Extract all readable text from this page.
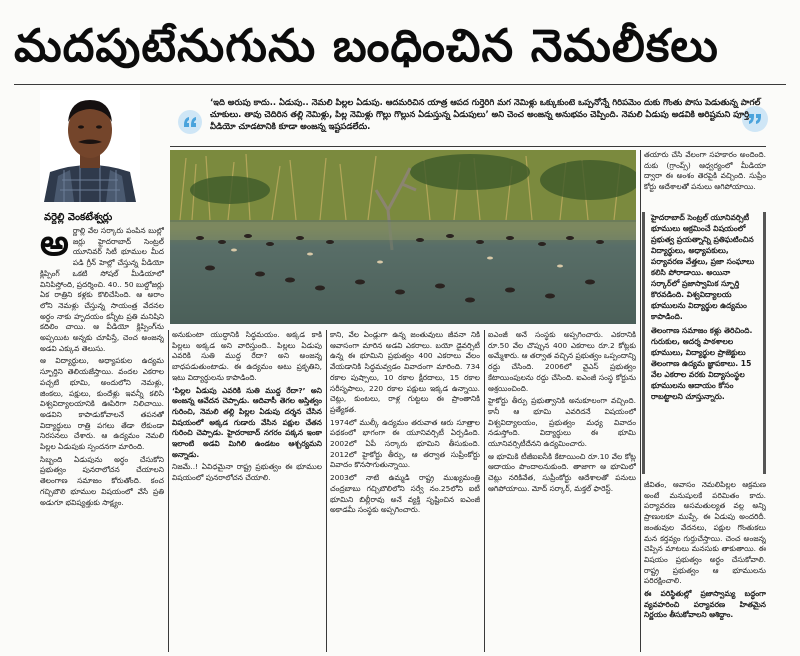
మదపుటేనుగును బంధించిన నెమలీకలు
వర్దెల్లి వెంకటేశ్వర్లు
‘ఇది అరుపు కాదు.. ఏడుపు.. నెమలి పిల్లల ఏడుపు. ఆదమరిచిన యాత్ర ఆపద గుర్తెరిగి మగ నెమిళ్లు ఒక్కుకుంటె ఒప్పనోన్నే గిరిపమెం దుకు గొంతు పొసు పెడుతున్న పాగల్ చూకులు. తావు చెదిరిన తల్లి నెమిళ్లు, పిల్ల నెమిళ్లు గొల్లు గొల్లున ఏడుస్తున్న ఏడుపులు’ అని చెంచ అంజన్న అనుభవం చెప్పింది. నెమలి ఏడుపు అడవికి అరిష్టమని పూర్తి వీడియో చూడటానికి కూడా అంజన్న ఇష్టపడలేదు.
అ ర్ణాల్లి వేల సర్కారు పంపిన బుల్లో జర్లు హైదరాబాద్ సెంట్రల్ యూనివర్ సిటీ భూముల మీద పడి గ్రీన్ హెల్లో చేస్తున్న వీడియో క్లిప్పింగ్ ఒకటి సోషల్ మీడియాలో వినిపిస్తోంది, ప్రదర్శించి. 40.. 50 బుల్డోజర్లు ఏక రాత్రిని కళ్లకు కొలిచేసింది. ఆ అరాం లోని నెమళ్లు చేస్తున్న సాయంత్ర వేదనల అర్థం నాకు హృదయం కన్నీట ప్రతి మనిషిని కదిలిం చాయి. ఆ వీడియో క్లిప్పింగ్‌ను అప్పయిట అన్నకు చూపిస్తే, చెంచ అంజన్న అడవి ఎక్కువ తెలుసు.

ఆ విద్యార్థులు, అధ్యాపకుల ఉద్యమ స్ఫూర్తిని తెలియజేస్తాయి. వందల ఎకరాల పచ్చటి భూమి, అందులోని నెమళ్లు, జింకలు, పక్షులు, కుందేళ్లు ఇవన్నీ కలిసి విశ్వవిద్యాలయానికి ఊపిరిగా నిలిచాయి. అడవిని కాపాడుకోవాలనే తపనతో విద్యార్థులు రాత్రి పగలు తేడా లేకుండా నిరసనలు చేశారు. ఆ ఉద్యమం నెమలి పిల్లల ఏడుపుకు స్పందనగా మారింది.

సిబ్బంది ఏడుపును అర్థం చేసుకోని ప్రభుత్వం పునరాలోచన చేయాలని తెలంగాణ సమాజం కోరుతోంది. కంచ గచ్చిబౌలి భూముల విషయంలో వేసే ప్రతి అడుగూ భవిష్యత్తుకు సాక్ష్యం.

అనుకుంటా యుద్ధానికి సిద్ధమయం. అక్కడ కాకి పిల్లలు అక్కడ అని వారిస్తుంది.. పిల్లలు ఏడుపు ఎవరికి సుతి ముద్ద రేదా? అని అంజన్న బాధపడుతుంటాడు. ఈ ఉద్యమం అటు ప్రకృతిని, ఇటు విద్యార్థులను కాపాడింది.

‘పిల్లల ఏడుపు ఎవరికి సుతి ముద్ద రేదా?’ అని అంజన్న ఆవేదన చెప్పాడు. ఆదివాసీ తెగల అస్తిత్వం గురించి, నెమలి తల్లి పిల్లల ఏడుపు దర్శన చేసిన విషయంలో అక్కడ గుడారు వేసిన పక్షుల చేతన గురించి చెప్పాడు. హైదరాబాద్ నగరం పక్కన ఇంకా ఇలాంటి అడవి మిగిలి ఉండటం ఆశ్చర్యమని అన్నాడు.

నిజమే..! ఏవిధమైనా రాష్ట్ర ప్రభుత్వం ఈ భూముల విషయంలో పునరాలోచన చేయాలి.

కాని, వేల ఏండ్లుగా ఉన్న జంతువులు జీవనా నికి ఆవాసంగా మారిన అడవి ఎకరాలు. బయో డైవర్సిటీ ఉన్న ఈ భూమిని ప్రభుత్వం 400 ఎకరాలు వేలం వేయడానికి సిద్ధమవ్వడం వివాదంగా మారింది. 734 రకాల పుష్పాలు, 10 రకాల క్షీరదాలు, 15 రకాల సరీసృపాలు, 220 రకాల పక్షులు ఇక్కడ ఉన్నాయి. చెట్లు, కుంటలు, రాళ్ల గుట్టలు ఈ ప్రాంతానికి ప్రత్యేకత.

1974లో ముల్కీ ఉద్యమం తరువాత ఆరు సూత్రాల పథకంలో భాగంగా ఈ యూనివర్సిటీ ఏర్పడింది. 2002లో ఏపీ సర్కారు భూమిని తీసుకుంది. 2012లో హైకోర్టు తీర్పు, ఆ తర్వాత సుప్రీంకోర్టు వివాదం కొనసాగుతున్నాయి.

2003లో నాటి ఉమ్మడి రాష్ట్ర ముఖ్యమంత్రి చంద్రబాబు గచ్చిబౌలిలోని సర్వే నం.25లోని ఐటీ భూమిని బిల్లీరావు అనే వ్యక్తి సృష్టించిన ఐఎంజీ అకాడమీ సంస్థకు అప్పగించారు.

ఐఎంజీ అనే సంస్థకు అప్పగించారు. ఎకరానికి రూ.50 వేల చొప్పున 400 ఎకరాలు రూ.2 కోట్లకు అమ్మేశారు. ఆ తర్వాత వచ్చిన ప్రభుత్వం ఒప్పందాన్ని రద్దు చేసింది. 2006లో వైఎస్ ప్రభుత్వం కేటాయింపులను రద్దు చేసింది. ఐఎంజీ సంస్థ కోర్టును ఆశ్రయించింది.

హైకోర్టు తీర్పు ప్రభుత్వానికి అనుకూలంగా వచ్చింది. కానీ ఆ భూమి ఎవరిదనే విషయంలో విశ్వవిద్యాలయం, ప్రభుత్వం మధ్య వివాదం నడుస్తోంది. విద్యార్థులు ఈ భూమి యూనివర్సిటీదేనని ఉద్యమించారు.

ఆ భూమికి టీజీఐఐసీకి కేటాయించి రూ.10 వేల కోట్ల ఆదాయం పొందాలనుకుంది. తాజాగా ఆ భూమిలో చెట్లు నరికివేత, సుప్రీంకోర్టు ఆదేశాలతో పనులు ఆగిపోయాయి. మోద్ సర్కార్, మక్తల్ ఫారెస్ట్.

తయారు చేసి వేలంగా సహకారం అందింది. దుకు (గ్రాంప్స్) ఆధ్వర్యంలో మీడియా ద్వారా ఈ అంశం తెరపైకి వచ్చింది. సుప్రీం కోర్టు ఆదేశాలతో పనులు ఆగిపోయాయి.

హైదరాబాద్ సెంట్రల్ యూనివర్సిటీ భూములు ఆక్రమించే విషయంలో ప్రభుత్వ ప్రయత్నాన్ని ప్రతిఘటించిన విద్యార్థులు, అధ్యాపకులు, పర్యావరణ వేత్తలు, ప్రజా సంఘాలు కలిసి పోరాడాయి. అయినా సర్కార్‌లో ప్రజాస్వామిక స్ఫూర్తి కొరవడింది. విశ్వవిద్యాలయ భూములను విద్యార్థుల ఉద్యమం కాపాడింది.

తెలంగాణ సమాజం కళ్లు తెరిచింది. గురుకుల, ఆదర్శ పాఠశాలల భూములు, విద్యార్థుల ప్రాజెక్టులు తెలంగాణ ఉద్యమ జ్ఞాపకాలు. 15 వేల ఎకరాల వరకు విద్యాసంస్థల భూములను ఆదాయం కోసం రాబట్టాలని చూస్తున్నారు.

జీవితం, ఆవాసం నెమలిపిల్లల ఆక్రమణ అంటే మనుషులకే పరిమితం కాదు. పర్యావరణ అసమతుల్యత వల్ల అన్ని ప్రాణులకూ ముప్పే. ఈ ఏడుపు అందరిదీ. జంతువుల వేదనలు, పక్షుల గొంతుకలు మన కర్తవ్యం గుర్తుచేస్తాయి. చెంచ అంజన్న చెప్పిన మాటలు మనసుకు తాకుతాయి. ఈ విషయం ప్రభుత్వం అర్థం చేసుకోవాలి. రాష్ట్ర ప్రభుత్వం ఆ భూములను పరిరక్షించాలి.

ఈ పరిస్థితుల్లో ప్రజాస్వామ్య బద్ధంగా వ్యవహరించి పర్యావరణ హితమైన నిర్ణయం తీసుకోవాలని ఆశిద్దాం.
